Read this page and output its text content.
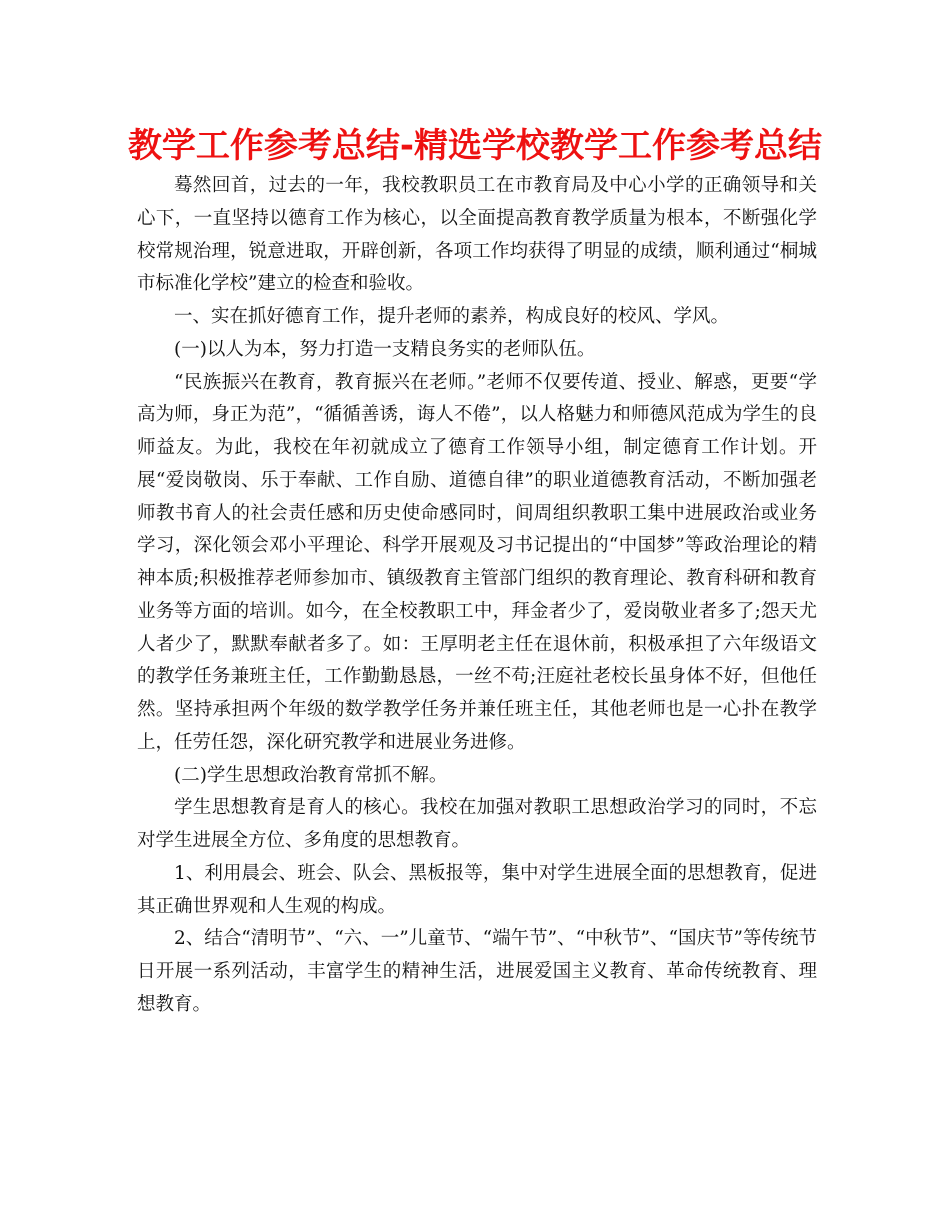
教学工作参考总结-精选学校教学工作参考总结

蓦然回首，过去的一年，我校教职员工在市教育局及中心小学的正确领导和关心下，一直坚持以德育工作为核心，以全面提高教育教学质量为根本，不断强化学校常规治理，锐意进取，开辟创新，各项工作均获得了明显的成绩，顺利通过“桐城市标准化学校”建立的检查和验收。

一、实在抓好德育工作，提升老师的素养，构成良好的校风、学风。

(一)以人为本，努力打造一支精良务实的老师队伍。

“民族振兴在教育，教育振兴在老师。”老师不仅要传道、授业、解惑，更要“学高为师，身正为范”，“循循善诱，诲人不倦”，以人格魅力和师德风范成为学生的良师益友。为此，我校在年初就成立了德育工作领导小组，制定德育工作计划。开展“爱岗敬岗、乐于奉献、工作自励、道德自律”的职业道德教育活动，不断加强老师教书育人的社会责任感和历史使命感同时，间周组织教职工集中进展政治或业务学习，深化领会邓小平理论、科学开展观及习书记提出的“中国梦”等政治理论的精神本质;积极推荐老师参加市、镇级教育主管部门组织的教育理论、教育科研和教育业务等方面的培训。如今，在全校教职工中，拜金者少了，爱岗敬业者多了;怨天尤人者少了，默默奉献者多了。如：王厚明老主任在退休前，积极承担了六年级语文的教学任务兼班主任，工作勤勤恳恳，一丝不苟;汪庭社老校长虽身体不好，但他任然。坚持承担两个年级的数学教学任务并兼任班主任，其他老师也是一心扑在教学上，任劳任怨，深化研究教学和进展业务进修。

(二)学生思想政治教育常抓不解。

学生思想教育是育人的核心。我校在加强对教职工思想政治学习的同时，不忘对学生进展全方位、多角度的思想教育。

1、利用晨会、班会、队会、黑板报等，集中对学生进展全面的思想教育，促进其正确世界观和人生观的构成。

2、结合“清明节”、“六、一”儿童节、“端午节”、“中秋节”、“国庆节”等传统节日开展一系列活动，丰富学生的精神生活，进展爱国主义教育、革命传统教育、理想教育。
